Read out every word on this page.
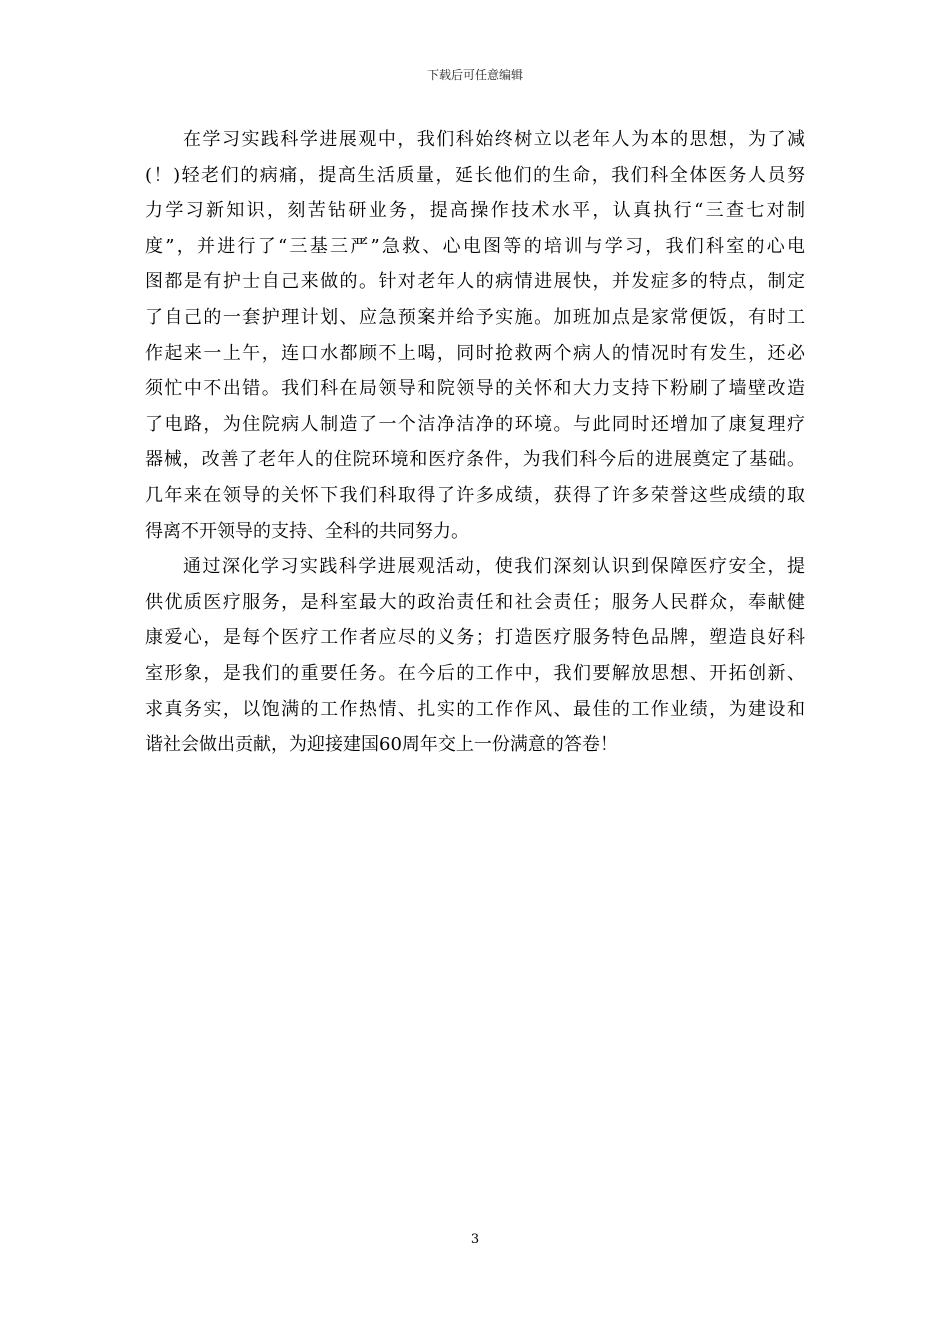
下载后可任意编辑
在学习实践科学进展观中，我们科始终树立以老年人为本的思想，为了减
(！)轻老们的病痛，提高生活质量，延长他们的生命，我们科全体医务人员努
力学习新知识，刻苦钻研业务，提高操作技术水平，认真执行“三查七对制
度”，并进行了“三基三严”急救、心电图等的培训与学习，我们科室的心电
图都是有护士自己来做的。针对老年人的病情进展快，并发症多的特点，制定
了自己的一套护理计划、应急预案并给予实施。加班加点是家常便饭，有时工
作起来一上午，连口水都顾不上喝，同时抢救两个病人的情况时有发生，还必
须忙中不出错。我们科在局领导和院领导的关怀和大力支持下粉刷了墙壁改造
了电路，为住院病人制造了一个洁净洁净的环境。与此同时还增加了康复理疗
器械，改善了老年人的住院环境和医疗条件，为我们科今后的进展奠定了基础。
几年来在领导的关怀下我们科取得了许多成绩，获得了许多荣誉这些成绩的取
得离不开领导的支持、全科的共同努力。
通过深化学习实践科学进展观活动，使我们深刻认识到保障医疗安全，提
供优质医疗服务，是科室最大的政治责任和社会责任；服务人民群众，奉献健
康爱心，是每个医疗工作者应尽的义务；打造医疗服务特色品牌，塑造良好科
室形象，是我们的重要任务。在今后的工作中，我们要解放思想、开拓创新、
求真务实，以饱满的工作热情、扎实的工作作风、最佳的工作业绩，为建设和
谐社会做出贡献，为迎接建国60周年交上一份满意的答卷！
3
